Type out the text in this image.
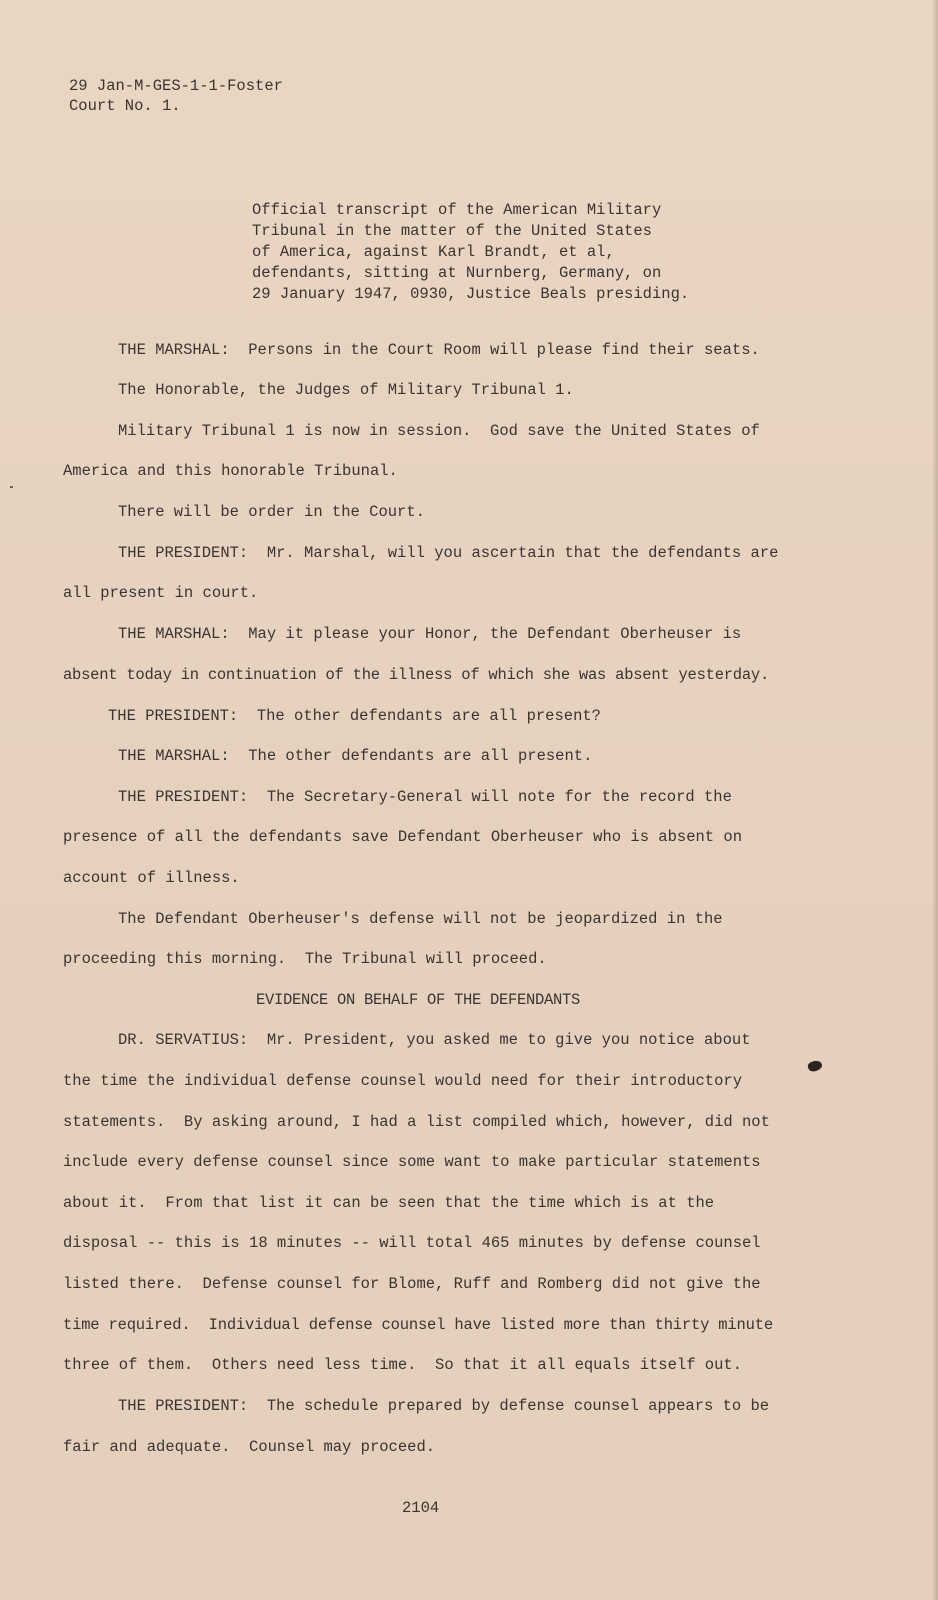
29 Jan-M-GES-1-1-Foster
Court No. 1.
Official transcript of the American Military
Tribunal in the matter of the United States
of America, against Karl Brandt, et al,
defendants, sitting at Nurnberg, Germany, on
29 January 1947, 0930, Justice Beals presiding.
THE MARSHAL:  Persons in the Court Room will please find their seats.
The Honorable, the Judges of Military Tribunal 1.
Military Tribunal 1 is now in session.  God save the United States of
America and this honorable Tribunal.
There will be order in the Court.
THE PRESIDENT:  Mr. Marshal, will you ascertain that the defendants are
all present in court.
THE MARSHAL:  May it please your Honor, the Defendant Oberheuser is
absent today in continuation of the illness of which she was absent yesterday.
THE PRESIDENT:  The other defendants are all present?
THE MARSHAL:  The other defendants are all present.
THE PRESIDENT:  The Secretary-General will note for the record the
presence of all the defendants save Defendant Oberheuser who is absent on
account of illness.
The Defendant Oberheuser's defense will not be jeopardized in the
proceeding this morning.  The Tribunal will proceed.
EVIDENCE ON BEHALF OF THE DEFENDANTS
DR. SERVATIUS:  Mr. President, you asked me to give you notice about
the time the individual defense counsel would need for their introductory
statements.  By asking around, I had a list compiled which, however, did not
include every defense counsel since some want to make particular statements
about it.  From that list it can be seen that the time which is at the
disposal -- this is 18 minutes -- will total 465 minutes by defense counsel
listed there.  Defense counsel for Blome, Ruff and Romberg did not give the
time required.  Individual defense counsel have listed more than thirty minute
three of them.  Others need less time.  So that it all equals itself out.
THE PRESIDENT:  The schedule prepared by defense counsel appears to be
fair and adequate.  Counsel may proceed.
2104
